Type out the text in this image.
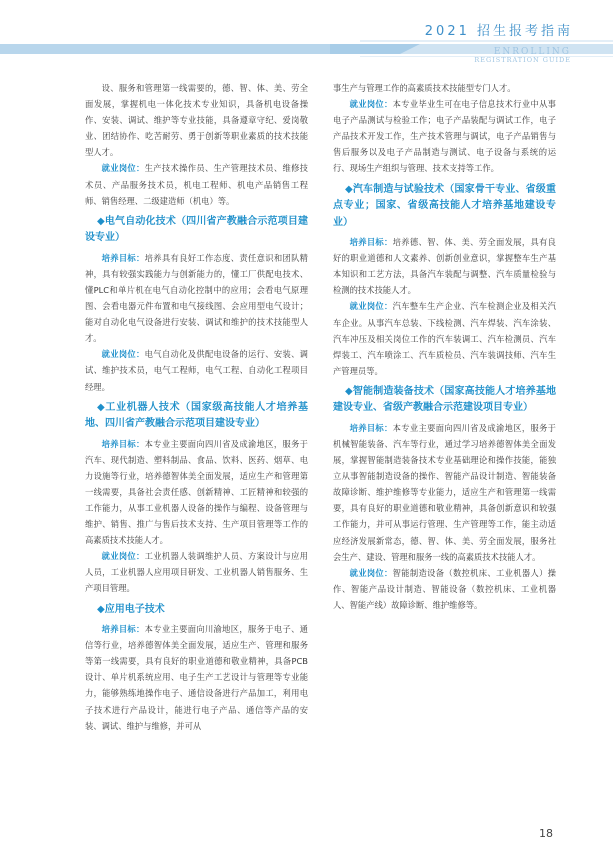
2021 招生报考指南
ENROLLING
REGISTRATION GUIDE

设、服务和管理第一线需要的，德、智、体、美、劳全面发展，掌握机电一体化技术专业知识，具备机电设备操作、安装、调试、维护等专业技能，具备遵章守纪、爱岗敬业、团结协作、吃苦耐劳、勇于创新等职业素质的技术技能型人才。

就业岗位：生产技术操作员、生产管理技术员、维修技术员、产品服务技术员，机电工程师、机电产品销售工程师、销售经理、二级建造师（机电）等。

◆电气自动化技术（四川省产教融合示范项目建设专业）

培养目标：培养具有良好工作态度、责任意识和团队精神，具有较强实践能力与创新能力的，懂工厂供配电技术、懂PLC和单片机在电气自动化控制中的应用；会看电气原理图、会看电器元件布置和电气接线图、会应用型电气设计；能对自动化电气设备进行安装、调试和维护的技术技能型人才。

就业岗位：电气自动化及供配电设备的运行、安装、调试、维护技术员，电气工程师，电气工程、自动化工程项目经理。

◆工业机器人技术（国家级高技能人才培养基地、四川省产教融合示范项目建设专业）

培养目标：本专业主要面向四川省及成渝地区，服务于汽车、现代制造、塑料制品、食品、饮料、医药、烟草、电力设施等行业，培养德智体美全面发展，适应生产和管理第一线需要，具备社会责任感、创新精神、工匠精神和较强的工作能力，从事工业机器人设备的操作与编程、设备管理与维护、销售、推广与售后技术支持、生产项目管理等工作的高素质技术技能人才。

就业岗位：工业机器人装调维护人员、方案设计与应用人员，工业机器人应用项目研发、工业机器人销售服务、生产项目管理。

◆应用电子技术

培养目标：本专业主要面向川渝地区，服务于电子、通信等行业，培养德智体美全面发展，适应生产、管理和服务等第一线需要，具有良好的职业道德和敬业精神，具备PCB设计、单片机系统应用、电子生产工艺设计与管理等专业能力，能够熟练地操作电子、通信设备进行产品加工，利用电子技术进行产品设计，能进行电子产品、通信等产品的安装、调试、维护与维修，并可从

事生产与管理工作的高素质技术技能型专门人才。

就业岗位：本专业毕业生可在电子信息技术行业中从事电子产品测试与检验工作；电子产品装配与调试工作，电子产品技术开发工作，生产技术管理与调试，电子产品销售与售后服务以及电子产品制造与测试、电子设备与系统的运行、现场生产组织与管理、技术支持等工作。

◆汽车制造与试验技术（国家骨干专业、省级重点专业；国家、省级高技能人才培养基地建设专业）

培养目标：培养德、智、体、美、劳全面发展，具有良好的职业道德和人文素养、创新创业意识，掌握整车生产基本知识和工艺方法，具备汽车装配与调整、汽车质量检验与检测的技术技能人才。

就业岗位：汽车整车生产企业、汽车检测企业及相关汽车企业。从事汽车总装、下线检测、汽车焊装、汽车涂装、汽车冲压及相关岗位工作的汽车装调工、汽车检测员、汽车焊装工、汽车喷涂工、汽车质检员、汽车装调技师、汽车生产管理员等。

◆智能制造装备技术（国家高技能人才培养基地建设专业、省级产教融合示范建设项目专业）

培养目标：本专业主要面向四川省及成渝地区，服务于机械智能装备、汽车等行业，通过学习培养德智体美全面发展，掌握智能制造装备技术专业基础理论和操作技能，能独立从事智能制造设备的操作、智能产品设计制造、智能装备故障诊断、维护维修等专业能力，适应生产和管理第一线需要，具有良好的职业道德和敬业精神，具备创新意识和较强工作能力，并可从事运行管理、生产管理等工作，能主动适应经济发展新常态，德、智、体、美、劳全面发展，服务社会生产、建设、管理和服务一线的高素质技术技能人才。

就业岗位：智能制造设备（数控机床、工业机器人）操作、智能产品设计制造、智能设备（数控机床、工业机器人、智能产线）故障诊断、维护维修等。

18
